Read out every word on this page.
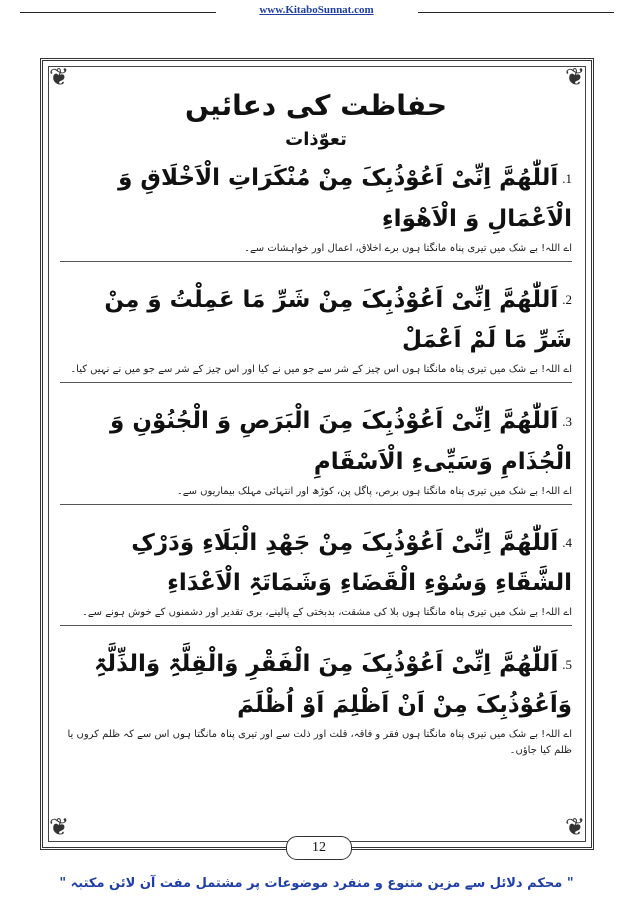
www.KitaboSunnat.com
❦	❦
❦	❦
حفاظت کی دعائیں
تعوّذات

1.اَللّٰھُمَّ اِنِّیْ اَعُوْذُبِکَ مِنْ مُنْکَرَاتِ الْاَخْلَاقِ وَ الْاَعْمَالِ وَ الْاَھْوَاءِ

اے اللہ! بے شک میں تیری پناہ مانگتا ہوں برے اخلاق، اعمال اور خواہشات سے۔

2.اَللّٰھُمَّ اِنِّیْ اَعُوْذُبِکَ مِنْ شَرِّ مَا عَمِلْتُ وَ مِنْ شَرِّ مَا لَمْ اَعْمَلْ

اے اللہ! بے شک میں تیری پناہ مانگتا ہوں اس چیز کے شر سے جو میں نے کیا اور اس چیز کے شر سے جو میں نے نہیں کیا۔

3.اَللّٰھُمَّ اِنِّیْ اَعُوْذُبِکَ مِنَ الْبَرَصِ وَ الْجُنُوْنِ وَ الْجُذَامِ وَسَیِّیءِ الْاَسْقَامِ

اے اللہ! بے شک میں تیری پناہ مانگتا ہوں برص، پاگل پن، کوڑھ اور انتہائی مہلک بیماریوں سے۔

4.اَللّٰھُمَّ اِنِّیْ اَعُوْذُبِکَ مِنْ جَھْدِ الْبَلَاءِ وَدَرْکِ الشَّقَاءِ وَسُوْءِ الْقَضَاءِ وَشَمَاتَۃِ الْاَعْدَاءِ

اے اللہ! بے شک میں تیری پناہ مانگتا ہوں بلا کی مشقت، بدبختی کے پالینے، بری تقدیر اور دشمنوں کے خوش ہونے سے۔

5.اَللّٰھُمَّ اِنِّیْ اَعُوْذُبِکَ مِنَ الْفَقْرِ وَالْقِلَّۃِ وَالذِّلَّۃِ وَاَعُوْذُبِکَ مِنْ اَنْ اَظْلِمَ اَوْ اُظْلَمَ

اے اللہ! بے شک میں تیری پناہ مانگتا ہوں فقر و فاقہ، قلت اور ذلت سے اور تیری پناہ مانگتا ہوں اس سے کہ ظلم کروں یا ظلم کیا جاؤں۔

12
" محکم دلائل سے مزین متنوع و منفرد موضوعات پر مشتمل مفت آن لائن مکتبہ "
